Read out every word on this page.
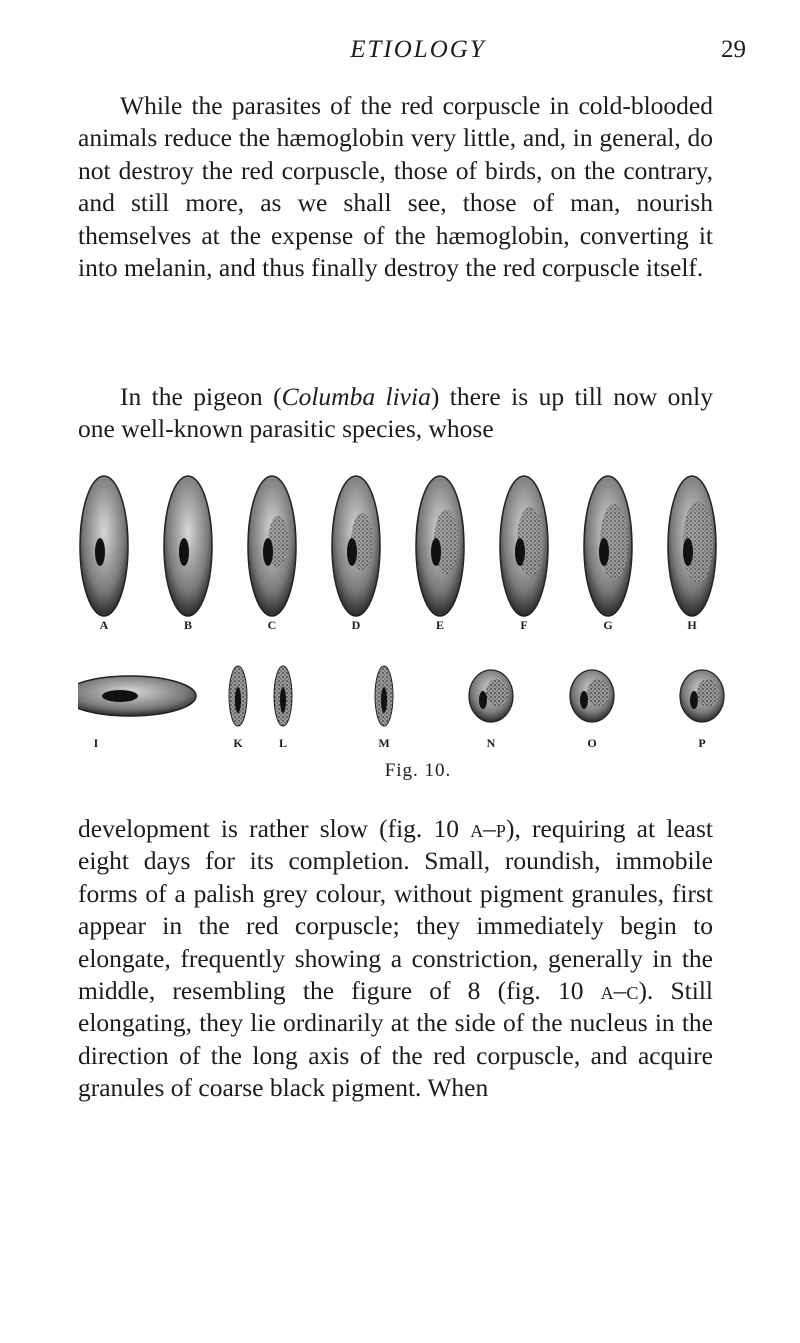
ETIOLOGY	29

While the parasites of the red corpuscle in cold-blooded animals reduce the hæmoglobin very little, and, in general, do not destroy the red corpuscle, those of birds, on the contrary, and still more, as we shall see, those of man, nourish themselves at the expense of the hæmoglobin, converting it into melanin, and thus finally destroy the red corpuscle itself.

In the pigeon (Columba livia) there is up till now only one well-known parasitic species, whose

Fig. 10.
A	B	C	D	E	F	G	H
I	K	L	M	N	O	P

development is rather slow (fig. 10 a–p), requiring at least eight days for its completion. Small, roundish, immobile forms of a palish grey colour, without pigment granules, first appear in the red corpuscle; they immediately begin to elongate, frequently showing a constriction, generally in the middle, resembling the figure of 8 (fig. 10 a–c). Still elongating, they lie ordinarily at the side of the nucleus in the direction of the long axis of the red corpuscle, and acquire granules of coarse black pigment. When
